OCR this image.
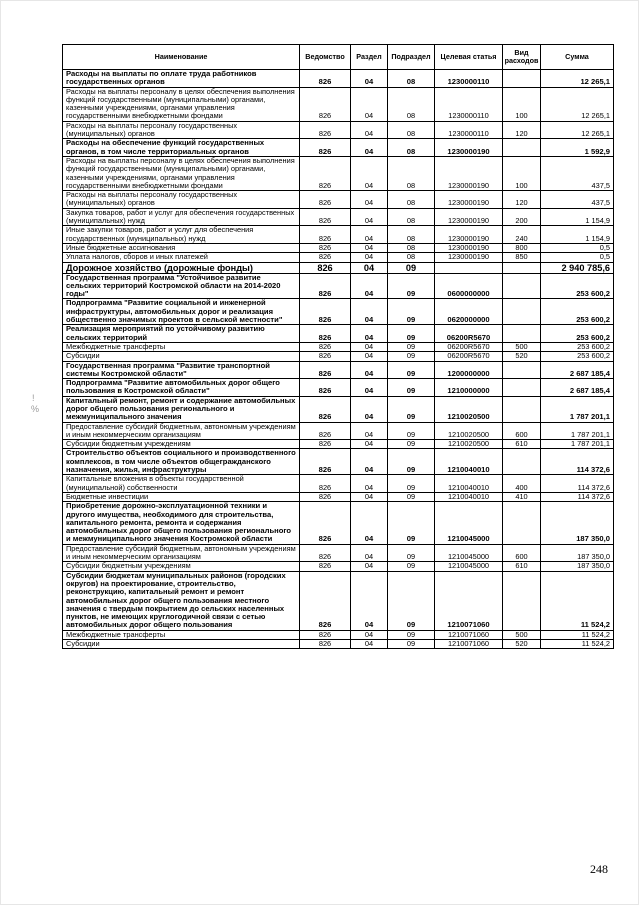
!
%
Наименование	Ведомство	Раздел	Подраздел	Целевая статья	Вид расходов	Сумма
Расходы на выплаты по оплате труда работников государственных органов	826	04	08	1230000110		12 265,1
Расходы на выплаты персоналу в целях обеспечения выполнения функций государственными (муниципальными) органами, казенными учреждениями, органами управления государственными внебюджетными фондами	826	04	08	1230000110	100	12 265,1
Расходы на выплаты персоналу государственных (муниципальных) органов	826	04	08	1230000110	120	12 265,1
Расходы на обеспечение функций государственных органов, в том числе территориальных органов	826	04	08	1230000190		1 592,9
Расходы на выплаты персоналу в целях обеспечения выполнения функций государственными (муниципальными) органами, казенными учреждениями, органами управления государственными внебюджетными фондами	826	04	08	1230000190	100	437,5
Расходы на выплаты персоналу государственных (муниципальных) органов	826	04	08	1230000190	120	437,5
Закупка товаров, работ и услуг для обеспечения государственных (муниципальных) нужд	826	04	08	1230000190	200	1 154,9
Иные закупки товаров, работ и услуг для обеспечения государственных (муниципальных) нужд	826	04	08	1230000190	240	1 154,9
Иные бюджетные ассигнования	826	04	08	1230000190	800	0,5
Уплата налогов, сборов и иных платежей	826	04	08	1230000190	850	0,5
Дорожное хозяйство (дорожные фонды)	826	04	09			2 940 785,6
Государственная программа "Устойчивое развитие сельских территорий Костромской области на 2014-2020 годы"	826	04	09	0600000000		253 600,2
Подпрограмма "Развитие социальной и инженерной инфраструктуры, автомобильных дорог и реализация общественно значимых проектов в сельской местности"	826	04	09	0620000000		253 600,2
Реализация мероприятий по устойчивому развитию сельских территорий	826	04	09	06200R5670		253 600,2
Межбюджетные трансферты	826	04	09	06200R5670	500	253 600,2
Субсидии	826	04	09	06200R5670	520	253 600,2
Государственная программа "Развитие транспортной системы Костромской области"	826	04	09	1200000000		2 687 185,4
Подпрограмма "Развитие автомобильных дорог общего пользования в Костромской области"	826	04	09	1210000000		2 687 185,4
Капитальный ремонт, ремонт и содержание автомобильных дорог общего пользования регионального и межмуниципального значения	826	04	09	1210020500		1 787 201,1
Предоставление субсидий бюджетным, автономным учреждениям и иным некоммерческим организациям	826	04	09	1210020500	600	1 787 201,1
Субсидии бюджетным учреждениям	826	04	09	1210020500	610	1 787 201,1
Строительство объектов социального и производственного комплексов, в том числе объектов общегражданского назначения, жилья, инфраструктуры	826	04	09	1210040010		114 372,6
Капитальные вложения в объекты государственной (муниципальной) собственности	826	04	09	1210040010	400	114 372,6
Бюджетные инвестиции	826	04	09	1210040010	410	114 372,6
Приобретение дорожно-эксплуатационной техники и другого имущества, необходимого для строительства, капитального ремонта, ремонта и содержания автомобильных дорог общего пользования регионального и межмуниципального значения Костромской области	826	04	09	1210045000		187 350,0
Предоставление субсидий бюджетным, автономным учреждениям и иным некоммерческим организациям	826	04	09	1210045000	600	187 350,0
Субсидии бюджетным учреждениям	826	04	09	1210045000	610	187 350,0
Субсидии бюджетам муниципальных районов (городских округов) на проектирование, строительство, реконструкцию, капитальный ремонт и ремонт автомобильных дорог общего пользования местного значения с твердым покрытием до сельских населенных пунктов, не имеющих круглогодичной связи с сетью автомобильных дорог общего пользования	826	04	09	1210071060		11 524,2
Межбюджетные трансферты	826	04	09	1210071060	500	11 524,2
Субсидии	826	04	09	1210071060	520	11 524,2
248
